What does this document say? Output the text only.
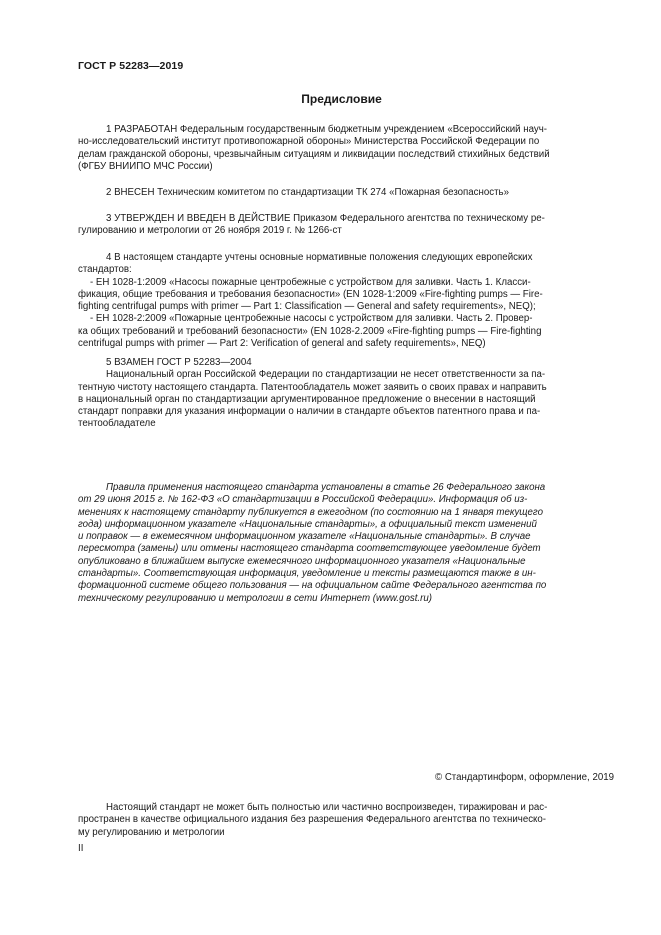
ГОСТ Р 52283—2019
Предисловие

1 РАЗРАБОТАН Федеральным государственным бюджетным учреждением «Всероссийский науч-

но-исследовательский институт противопожарной обороны» Министерства Российской Федерации по
делам гражданской обороны, чрезвычайным ситуациям и ликвидации последствий стихийных бедствий
(ФГБУ ВНИИПО МЧС России)

2 ВНЕСЕН Техническим комитетом по стандартизации ТК 274 «Пожарная безопасность»

3 УТВЕРЖДЕН И ВВЕДЕН В ДЕЙСТВИЕ Приказом Федерального агентства по техническому ре-

гулированию и метрологии от 26 ноября 2019 г. № 1266-ст

4 В настоящем стандарте учтены основные нормативные положения следующих европейских

стандартов:

- ЕН 1028-1:2009 «Насосы пожарные центробежные с устройством для заливки. Часть 1. Класси-

фикация, общие требования и требования безопасности» (EN 1028-1:2009 «Fire-fighting pumps — Fire-
fighting centrifugal pumps with primer — Part 1: Classification — General and safety requirements», NEQ);

- ЕН 1028-2:2009 «Пожарные центробежные насосы с устройством для заливки. Часть 2. Провер-

ка общих требований и требований безопасности» (EN 1028-2.2009 «Fire-fighting pumps — Fire-fighting
centrifugal pumps with primer — Part 2: Verification of general and safety requirements», NEQ)

5 ВЗАМЕН ГОСТ Р 52283—2004

Национальный орган Российской Федерации по стандартизации не несет ответственности за па-

тентную чистоту настоящего стандарта. Патентообладатель может заявить о своих правах и направить
в национальный орган по стандартизации аргументированное предложение о внесении в настоящий
стандарт поправки для указания информации о наличии в стандарте объектов патентного права и па-
тентообладателе

Правила применения настоящего стандарта установлены в статье 26 Федерального закона

от 29 июня 2015 г. № 162-ФЗ «О стандартизации в Российской Федерации». Информация об из-
менениях к настоящему стандарту публикуется в ежегодном (по состоянию на 1 января текущего
года) информационном указателе «Национальные стандарты», а официальный текст изменений
и поправок — в ежемесячном информационном указателе «Национальные стандарты». В случае
пересмотра (замены) или отмены настоящего стандарта соответствующее уведомление будет
опубликовано в ближайшем выпуске ежемесячного информационного указателя «Национальные
стандарты». Соответствующая информация, уведомление и тексты размещаются также в ин-
формационной системе общего пользования — на официальном сайте Федерального агентства по
техническому регулированию и метрологии в сети Интернет (www.gost.ru)
© Стандартинформ, оформление, 2019

Настоящий стандарт не может быть полностью или частично воспроизведен, тиражирован и рас-

пространен в качестве официального издания без разрешения Федерального агентства по техническо-
му регулированию и метрологии
II
